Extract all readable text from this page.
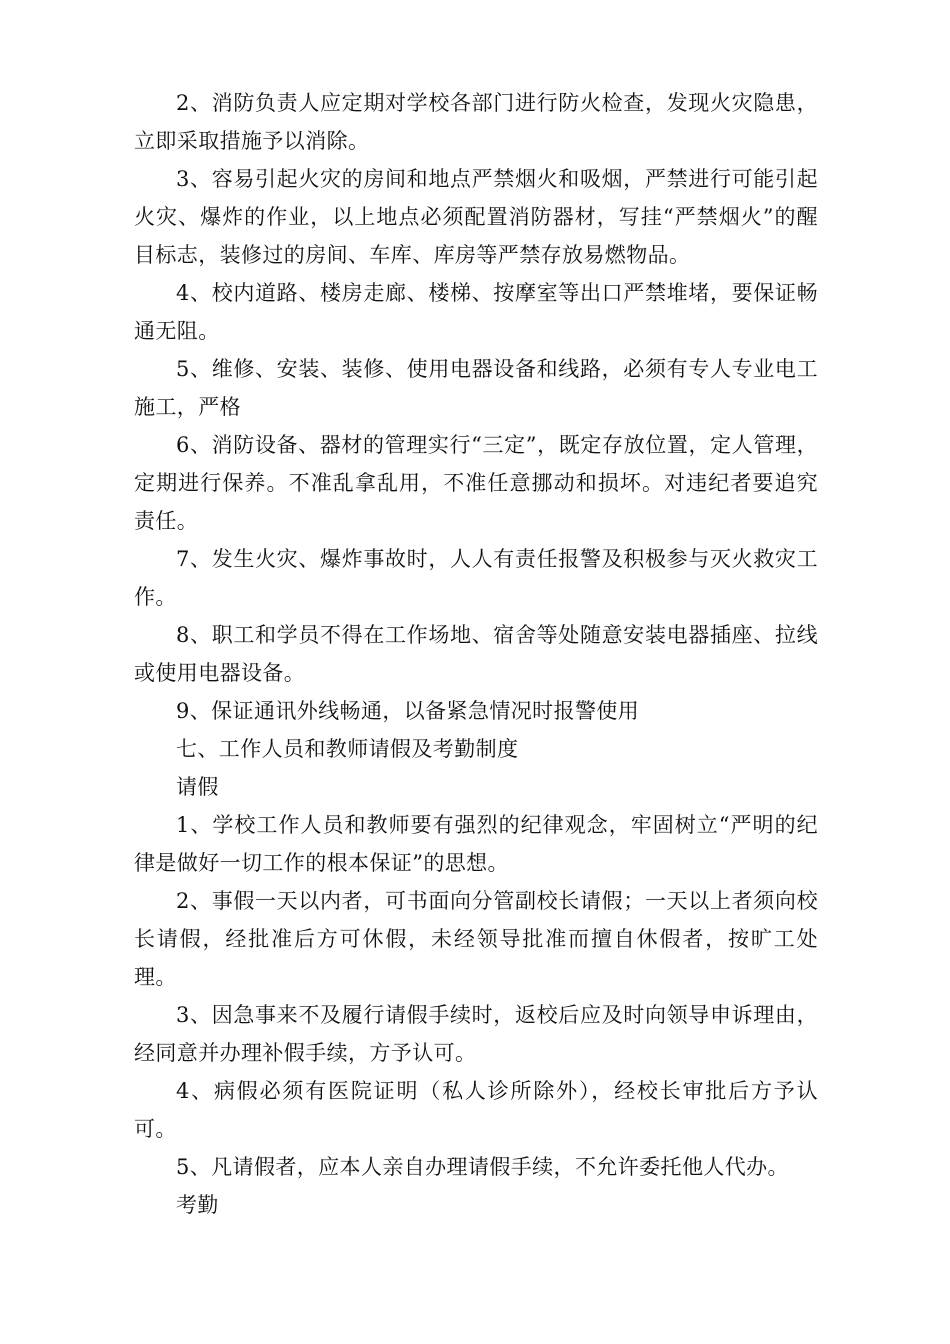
2、消防负责人应定期对学校各部门进行防火检查，发现火灾隐患，立即采取措施予以消除。

3、容易引起火灾的房间和地点严禁烟火和吸烟，严禁进行可能引起火灾、爆炸的作业，以上地点必须配置消防器材，写挂“严禁烟火”的醒目标志，装修过的房间、车库、库房等严禁存放易燃物品。

4、校内道路、楼房走廊、楼梯、按摩室等出口严禁堆堵，要保证畅通无阻。

5、维修、安装、装修、使用电器设备和线路，必须有专人专业电工施工，严格

6、消防设备、器材的管理实行“三定”，既定存放位置，定人管理，定期进行保养。不准乱拿乱用，不准任意挪动和损坏。对违纪者要追究责任。

7、发生火灾、爆炸事故时，人人有责任报警及积极参与灭火救灾工作。

8、职工和学员不得在工作场地、宿舍等处随意安装电器插座、拉线或使用电器设备。

9、保证通讯外线畅通，以备紧急情况时报警使用

七、工作人员和教师请假及考勤制度

请假

1、学校工作人员和教师要有强烈的纪律观念，牢固树立“严明的纪律是做好一切工作的根本保证”的思想。

2、事假一天以内者，可书面向分管副校长请假；一天以上者须向校长请假，经批准后方可休假，未经领导批准而擅自休假者，按旷工处理。

3、因急事来不及履行请假手续时，返校后应及时向领导申诉理由，经同意并办理补假手续，方予认可。

4、病假必须有医院证明（私人诊所除外），经校长审批后方予认可。

5、凡请假者，应本人亲自办理请假手续，不允许委托他人代办。

考勤
